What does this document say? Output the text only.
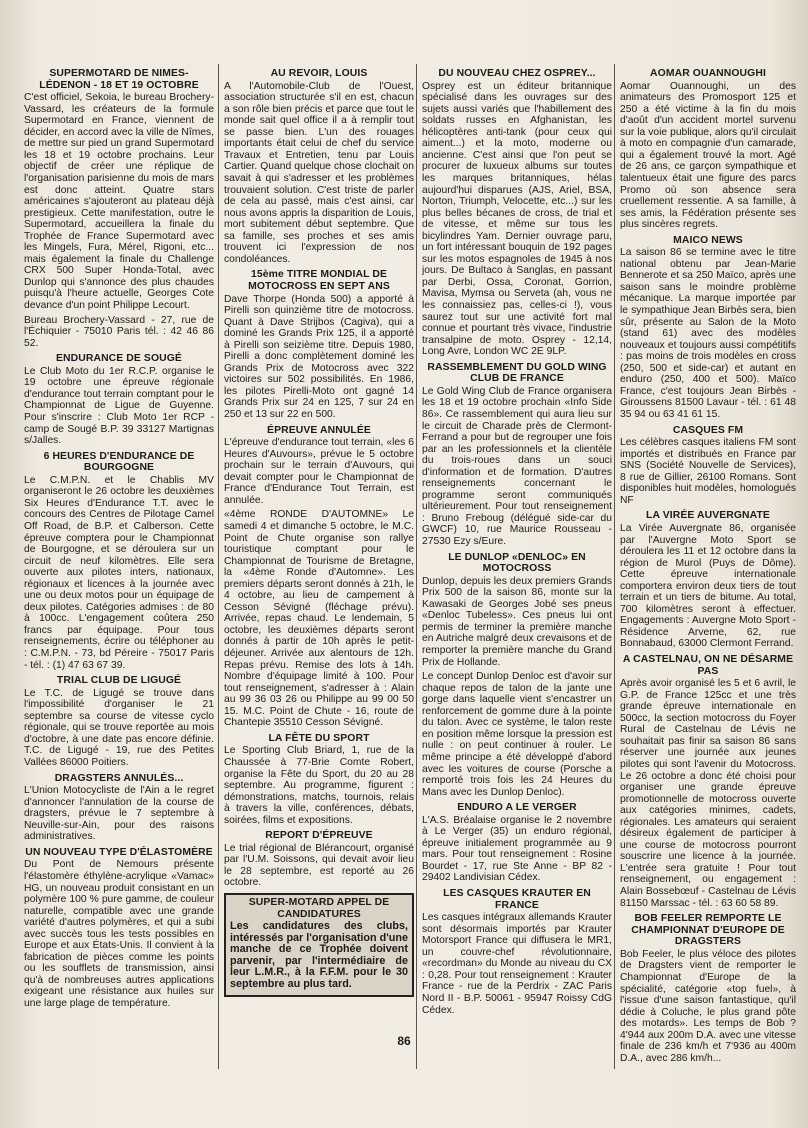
SUPERMOTARD DE NIMES-LÉDENON - 18 ET 19 OCTOBRE

C'est officiel, Sekoia, le bureau Brochery-Vassard, les créateurs de la formule Supermotard en France, viennent de décider, en accord avec la ville de Nîmes, de mettre sur pied un grand Supermotard les 18 et 19 octobre prochains. Leur objectif de créer une réplique de l'organisation parisienne du mois de mars est donc atteint. Quatre stars américaines s'ajouteront au plateau déjà prestigieux. Cette manifestation, outre le Supermotard, accueillera la finale du Trophée de France Supermotard avec les Mingels, Fura, Mérel, Rigoni, etc... mais également la finale du Challenge CRX 500 Super Honda-Total, avec Dunlop qui s'annonce des plus chaudes puisqu'à l'heure actuelle, Georges Cote devance d'un point Philippe Lecourt.

Bureau Brochery-Vassard - 27, rue de l'Échiquier - 75010 Paris tél. : 42 46 86 52.

ENDURANCE DE SOUGÉ

Le Club Moto du 1er R.C.P. organise le 19 octobre une épreuve régionale d'endurance tout terrain comptant pour le Championnat de Ligue de Guyenne. Pour s'inscrire : Club Moto 1er RCP - camp de Sougé B.P. 39 33127 Martignas s/Jalles.

6 HEURES D'ENDURANCE DE BOURGOGNE

Le C.M.P.N. et le Chablis MV organiseront le 26 octobre les deuxièmes Six Heures d'Endurance T.T. avec le concours des Centres de Pilotage Camel Off Road, de B.P. et Calberson. Cette épreuve comptera pour le Championnat de Bourgogne, et se déroulera sur un circuit de neuf kilomètres. Elle sera ouverte aux pilotes inters, nationaux, régionaux et licences à la journée avec une ou deux motos pour un équipage de deux pilotes. Catégories admises : de 80 à 100cc. L'engagement coûtera 250 francs par équipage. Pour tous renseignements, écrire ou téléphoner au : C.M.P.N. - 73, bd Péreire - 75017 Paris - tél. : (1) 47 63 67 39.

TRIAL CLUB DE LIGUGÉ

Le T.C. de Ligugé se trouve dans l'impossibilité d'organiser le 21 septembre sa course de vitesse cyclo régionale, qui se trouve reportée au mois d'octobre, à une date pas encore définie. T.C. de Ligugé - 19, rue des Petites Vallées 86000 Poitiers.

DRAGSTERS ANNULÉS...

L'Union Motocycliste de l'Ain a le regret d'annoncer l'annulation de la course de dragsters, prévue le 7 septembre à Neuville-sur-Ain, pour des raisons administratives.

UN NOUVEAU TYPE D'ÉLASTOMÈRE

Du Pont de Nemours présente l'élastomère éthylène-acrylique «Vamac» HG, un nouveau produit consistant en un polymère 100 % pure gamme, de couleur naturelle, compatible avec une grande variété d'autres polymères, et qui a subi avec succès tous les tests possibles en Europe et aux États-Unis. Il convient à la fabrication de pièces comme les points ou les soufflets de transmission, ainsi qu'à de nombreuses autres applications exigeant une résistance aux huiles sur une large plage de température.

AU REVOIR, LOUIS

A l'Automobile-Club de l'Ouest, association structurée s'il en est, chacun a son rôle bien précis et parce que tout le monde sait quel office il a à remplir tout se passe bien. L'un des rouages importants était celui de chef du service Travaux et Entretien, tenu par Louis Cartier. Quand quelque chose clochait on savait à qui s'adresser et les problèmes trouvaient solution. C'est triste de parler de cela au passé, mais c'est ainsi, car nous avons appris la disparition de Louis, mort subitement début septembre. Que sa famille, ses proches et ses amis trouvent ici l'expression de nos condoléances.

15ème TITRE MONDIAL DE MOTOCROSS EN SEPT ANS

Dave Thorpe (Honda 500) a apporté à Pirelli son quinzième titre de motocross. Quant à Dave Strijbos (Cagiva), qui a dominé les Grands Prix 125, il a apporté à Pirelli son seizième titre. Depuis 1980, Pirelli a donc complètement dominé les Grands Prix de Motocross avec 322 victoires sur 502 possibilités. En 1986, les pilotes Pirelli-Moto ont gagné 14 Grands Prix sur 24 en 125, 7 sur 24 en 250 et 13 sur 22 en 500.

ÉPREUVE ANNULÉE

L'épreuve d'endurance tout terrain, «les 6 Heures d'Auvours», prévue le 5 octobre prochain sur le terrain d'Auvours, qui devait compter pour le Championnat de France d'Endurance Tout Terrain, est annulée.

«4ème RONDE D'AUTOMNE» Le samedi 4 et dimanche 5 octobre, le M.C. Point de Chute organise son rallye touristique comptant pour le Championnat de Tourisme de Bretagne, la «4ème Ronde d'Automne». Les premiers départs seront donnés à 21h, le 4 octobre, au lieu de campement à Cesson Sévigné (fléchage prévu). Arrivée, repas chaud. Le lendemain, 5 octobre, les deuxièmes départs seront donnés à partir de 10h après le petit-déjeuner. Arrivée aux alentours de 12h. Repas prévu. Remise des lots à 14h. Nombre d'équipage limité à 100. Pour tout renseignement, s'adresser à : Alain au 99 36 03 26 ou Philippe au 99 00 50 15. M.C. Point de Chute - 16, route de Chantepie 35510 Cesson Sévigné.

LA FÊTE DU SPORT

Le Sporting Club Briard, 1, rue de la Chaussée à 77-Brie Comte Robert, organise la Fête du Sport, du 20 au 28 septembre. Au programme, figurent : démonstrations, matchs, tournois, relais à travers la ville, conférences, débats, soirées, films et expositions.

REPORT D'ÉPREUVE

Le trial régional de Blérancourt, organisé par l'U.M. Soissons, qui devait avoir lieu le 28 septembre, est reporté au 26 octobre.

SUPER-MOTARD APPEL DE CANDIDATURES

Les candidatures des clubs, intéressés par l'organisation d'une manche de ce Trophée doivent parvenir, par l'intermédiaire de leur L.M.R., à la F.F.M. pour le 30 septembre au plus tard.

DU NOUVEAU CHEZ OSPREY...

Osprey est un éditeur britannique spécialisé dans les ouvrages sur des sujets aussi variés que l'habillement des soldats russes en Afghanistan, les hélicoptères anti-tank (pour ceux qui aiment...) et la moto, moderne ou ancienne. C'est ainsi que l'on peut se procurer de luxueux albums sur toutes les marques britanniques, hélas aujourd'hui disparues (AJS, Ariel, BSA, Norton, Triumph, Velocette, etc...) sur les plus belles bécanes de cross, de trial et de vitesse, et même sur tous les bicylindres Yam. Dernier ouvrage paru, un fort intéressant bouquin de 192 pages sur les motos espagnoles de 1945 à nos jours. De Bultaco à Sanglas, en passant par Derbi, Ossa, Coronat, Gorrion, Mavisa, Mymsa ou Serveta (ah, vous ne les connaissiez pas, celles-ci !), vous saurez tout sur une activité fort mal connue et pourtant très vivace, l'industrie transalpine de moto. Osprey - 12,14, Long Avre, London WC 2E 9LP.

RASSEMBLEMENT DU GOLD WING CLUB DE FRANCE

Le Gold Wing Club de France organisera les 18 et 19 octobre prochain «Info Side 86». Ce rassemblement qui aura lieu sur le circuit de Charade près de Clermont-Ferrand a pour but de regrouper une fois par an les professionnels et la clientèle du trois-roues dans un souci d'information et de formation. D'autres renseignements concernant le programme seront communiqués ultérieurement. Pour tout renseignement : Bruno Freboug (délégué side-car du GWCF) 10, rue Maurice Rousseau - 27530 Ezy s/Eure.

LE DUNLOP «DENLOC» EN MOTOCROSS

Dunlop, depuis les deux premiers Grands Prix 500 de la saison 86, monte sur la Kawasaki de Georges Jobé ses pneus «Denloc Tubeless». Ces pneus lui ont permis de terminer la première manche en Autriche malgré deux crevaisons et de remporter la première manche du Grand Prix de Hollande.

Le concept Dunlop Denloc est d'avoir sur chaque repos de talon de la jante une gorge dans laquelle vient s'encastrer un renforcement de gomme dure à la pointe du talon. Avec ce système, le talon reste en position même lorsque la pression est nulle : on peut continuer à rouler. Le même principe a été développé d'abord avec les voitures de course (Porsche a remporté trois fois les 24 Heures du Mans avec les Dunlop Denloc).

ENDURO A LE VERGER

L'A.S. Bréalaise organise le 2 novembre à Le Verger (35) un enduro régional, épreuve initialement programmée au 9 mars. Pour tout renseignement : Rosine Bourdet - 17, rue Ste Anne - BP 82 - 29402 Landivisian Cédex.

LES CASQUES KRAUTER EN FRANCE

Les casques intégraux allemands Krauter sont désormais importés par Krauter Motorsport France qui diffusera le MR1, un couvre-chef révolutionnaire, «recordman» du Monde au niveau du CX : 0,28. Pour tout renseignement : Krauter France - rue de la Perdrix - ZAC Paris Nord II - B.P. 50061 - 95947 Roissy CdG Cédex.

AOMAR OUANNOUGHI

Aomar Ouannoughi, un des animateurs des Promosport 125 et 250 a été victime à la fin du mois d'août d'un accident mortel survenu sur la voie publique, alors qu'il circulait à moto en compagnie d'un camarade, qui a également trouvé la mort. Agé de 26 ans, ce garçon sympathique et talentueux était une figure des parcs Promo où son absence sera cruellement ressentie. A sa famille, à ses amis, la Fédération présente ses plus sincères regrets.

MAICO NEWS

La saison 86 se termine avec le titre national obtenu par Jean-Marie Bennerote et sa 250 Maïco, après une saison sans le moindre problème mécanique. La marque importée par le sympathique Jean Birbès sera, bien sûr, présente au Salon de la Moto (stand 61) avec des modèles nouveaux et toujours aussi compétitifs : pas moins de trois modèles en cross (250, 500 et side-car) et autant en enduro (250, 400 et 500). Maïco France, c'est toujours Jean Birbès - Giroussens 81500 Lavaur - tél. : 61 48 35 94 ou 63 41 61 15.

CASQUES FM

Les célèbres casques italiens FM sont importés et distribués en France par SNS (Société Nouvelle de Services), 8 rue de Gillier, 26100 Romans. Sont disponibles huit modèles, homologués NF

LA VIRÉE AUVERGNATE

La Virée Auvergnate 86, organisée par l'Auvergne Moto Sport se déroulera les 11 et 12 octobre dans la région de Murol (Puys de Dôme). Cette épreuve internationale comportera environ deux tiers de tout terrain et un tiers de bitume. Au total, 700 kilomètres seront à effectuer. Engagements : Auvergne Moto Sport - Résidence Arverne, 62, rue Bonnabaud, 63000 Clermont Ferrand.

A CASTELNAU, ON NE DÉSARME PAS

Après avoir organisé les 5 et 6 avril, le G.P. de France 125cc et une très grande épreuve internationale en 500cc, la section motocross du Foyer Rural de Castelnau de Lévis ne souhaitait pas finir sa saison 86 sans réserver une journée aux jeunes pilotes qui sont l'avenir du Motocross. Le 26 octobre a donc été choisi pour organiser une grande épreuve promotionnelle de motocross ouverte aux catégories minimes, cadets, régionales. Les amateurs qui seraient désireux également de participer à une course de motocross pourront souscrire une licence à la journée. L'entrée sera gratuite ! Pour tout renseignement, ou engagement : Alain Bossebœuf - Castelnau de Lévis 81150 Marssac - tél. : 63 60 58 89.

BOB FEELER REMPORTE LE CHAMPIONNAT D'EUROPE DE DRAGSTERS

Bob Feeler, le plus véloce des pilotes de Dragsters vient de remporter le Championnat d'Europe de la spécialité, catégorie «top fuel», à l'issue d'une saison fantastique, qu'il dédie à Coluche, le plus grand pôte des motards». Les temps de Bob ? 4'944 aux 200m D.A. avec une vitesse finale de 236 km/h et 7'936 au 400m D.A., avec 286 km/h...

86
